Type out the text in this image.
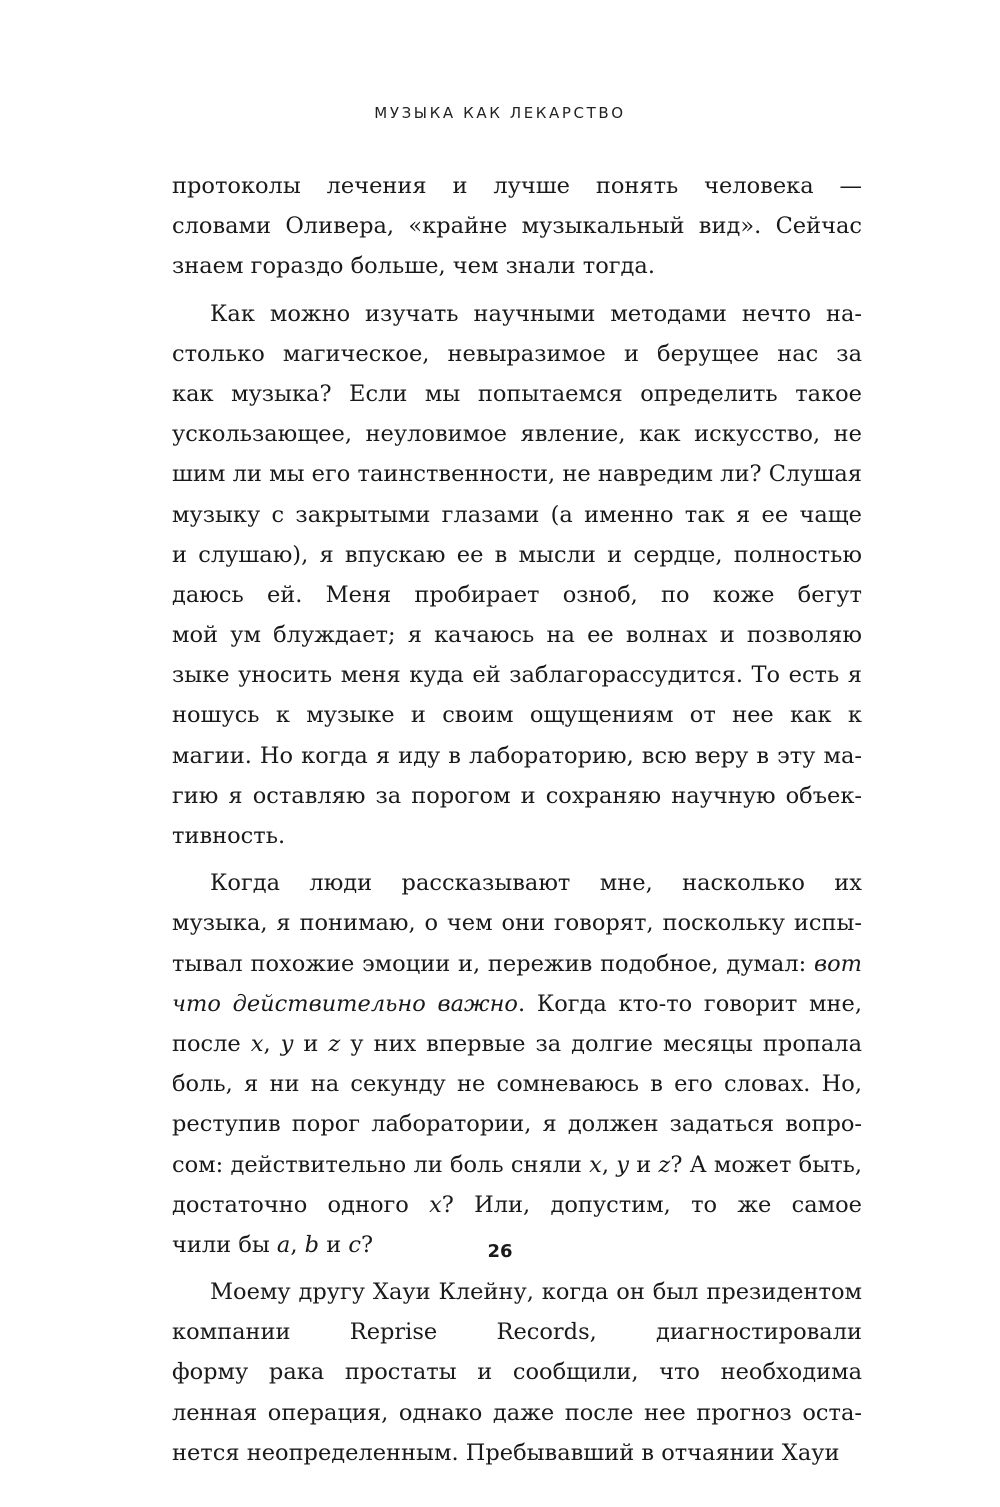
МУЗЫКА КАК ЛЕКАРСТВО
протоколы лечения и лучше понять человека —
словами Оливера, «крайне музыкальный вид». Сейчас
знаем гораздо больше, чем знали тогда.
Как можно изучать научными методами нечто на-
столько магическое, невыразимое и берущее нас за
как музыка? Если мы попытаемся определить такое
ускользающее, неуловимое явление, как искусство, не
шим ли мы его таинственности, не навредим ли? Слушая
музыку с закрытыми глазами (а именно так я ее чаще
и слушаю), я впускаю ее в мысли и сердце, полностью
даюсь ей. Меня пробирает озноб, по коже бегут
мой ум блуждает; я качаюсь на ее волнах и позволяю
зыке уносить меня куда ей заблагорассудится. То есть я
ношусь к музыке и своим ощущениям от нее как к
магии. Но когда я иду в лабораторию, всю веру в эту ма-
гию я оставляю за порогом и сохраняю научную объек-
тивность.
Когда люди рассказывают мне, насколько их
музыка, я понимаю, о чем они говорят, поскольку испы-
тывал похожие эмоции и, пережив подобное, думал: вот
что действительно важно. Когда кто-то говорит мне,
после x, y и z у них впервые за долгие месяцы пропала
боль, я ни на секунду не сомневаюсь в его словах. Но,
реступив порог лаборатории, я должен задаться вопро-
сом: действительно ли боль сняли x, y и z? А может быть,
достаточно одного x? Или, допустим, то же самое
чили бы a, b и c?
Моему другу Хауи Клейну, когда он был президентом
компании Reprise Records, диагностировали
форму рака простаты и сообщили, что необходима
ленная операция, однако даже после нее прогноз оста-
нется неопределенным. Пребывавший в отчаянии Хауи
26
